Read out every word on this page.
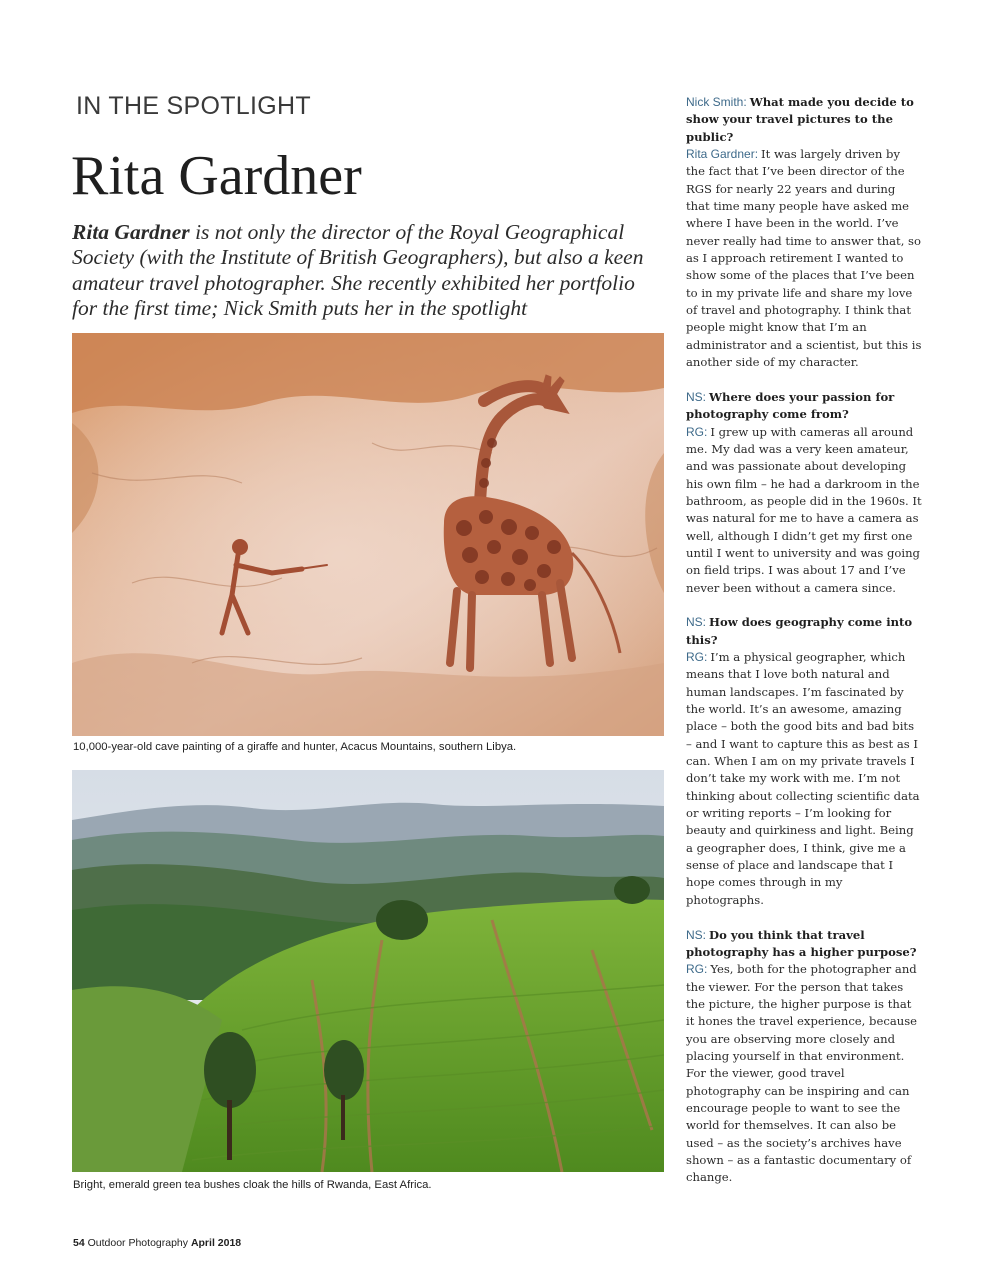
IN THE SPOTLIGHT
Rita Gardner

Rita Gardner is not only the director of the Royal Geographical Society (with the Institute of British Geographers), but also a keen amateur travel photographer. She recently exhibited her portfolio for the first time; Nick Smith puts her in the spotlight

10,000-year-old cave painting of a giraffe and hunter, Acacus Mountains, southern Libya.

Bright, emerald green tea bushes cloak the hills of Rwanda, East Africa.

Nick Smith: What made you decide to show your travel pictures to the public?
Rita Gardner: It was largely driven by the fact that I’ve been director of the RGS for nearly 22 years and during that time many people have asked me where I have been in the world. I’ve never really had time to answer that, so as I approach retirement I wanted to show some of the places that I’ve been to in my private life and share my love of travel and photography. I think that people might know that I’m an administrator and a scientist, but this is another side of my character.
NS: Where does your passion for photography come from?
RG: I grew up with cameras all around me. My dad was a very keen amateur, and was passionate about developing his own film – he had a darkroom in the bathroom, as people did in the 1960s. It was natural for me to have a camera as well, although I didn’t get my first one until I went to university and was going on field trips. I was about 17 and I’ve never been without a camera since.
NS: How does geography come into this?
RG: I’m a physical geographer, which means that I love both natural and human landscapes. I’m fascinated by the world. It’s an awesome, amazing place – both the good bits and bad bits – and I want to capture this as best as I can. When I am on my private travels I don’t take my work with me. I’m not thinking about collecting scientific data or writing reports – I’m looking for beauty and quirkiness and light. Being a geographer does, I think, give me a sense of place and landscape that I hope comes through in my photographs.
NS: Do you think that travel photography has a higher purpose?
RG: Yes, both for the photographer and the viewer. For the person that takes the picture, the higher purpose is that it hones the travel experience, because you are observing more closely and placing yourself in that environment. For the viewer, good travel photography can be inspiring and can encourage people to want to see the world for themselves. It can also be used – as the society’s archives have shown – as a fantastic documentary of change.
54 Outdoor Photography April 2018
